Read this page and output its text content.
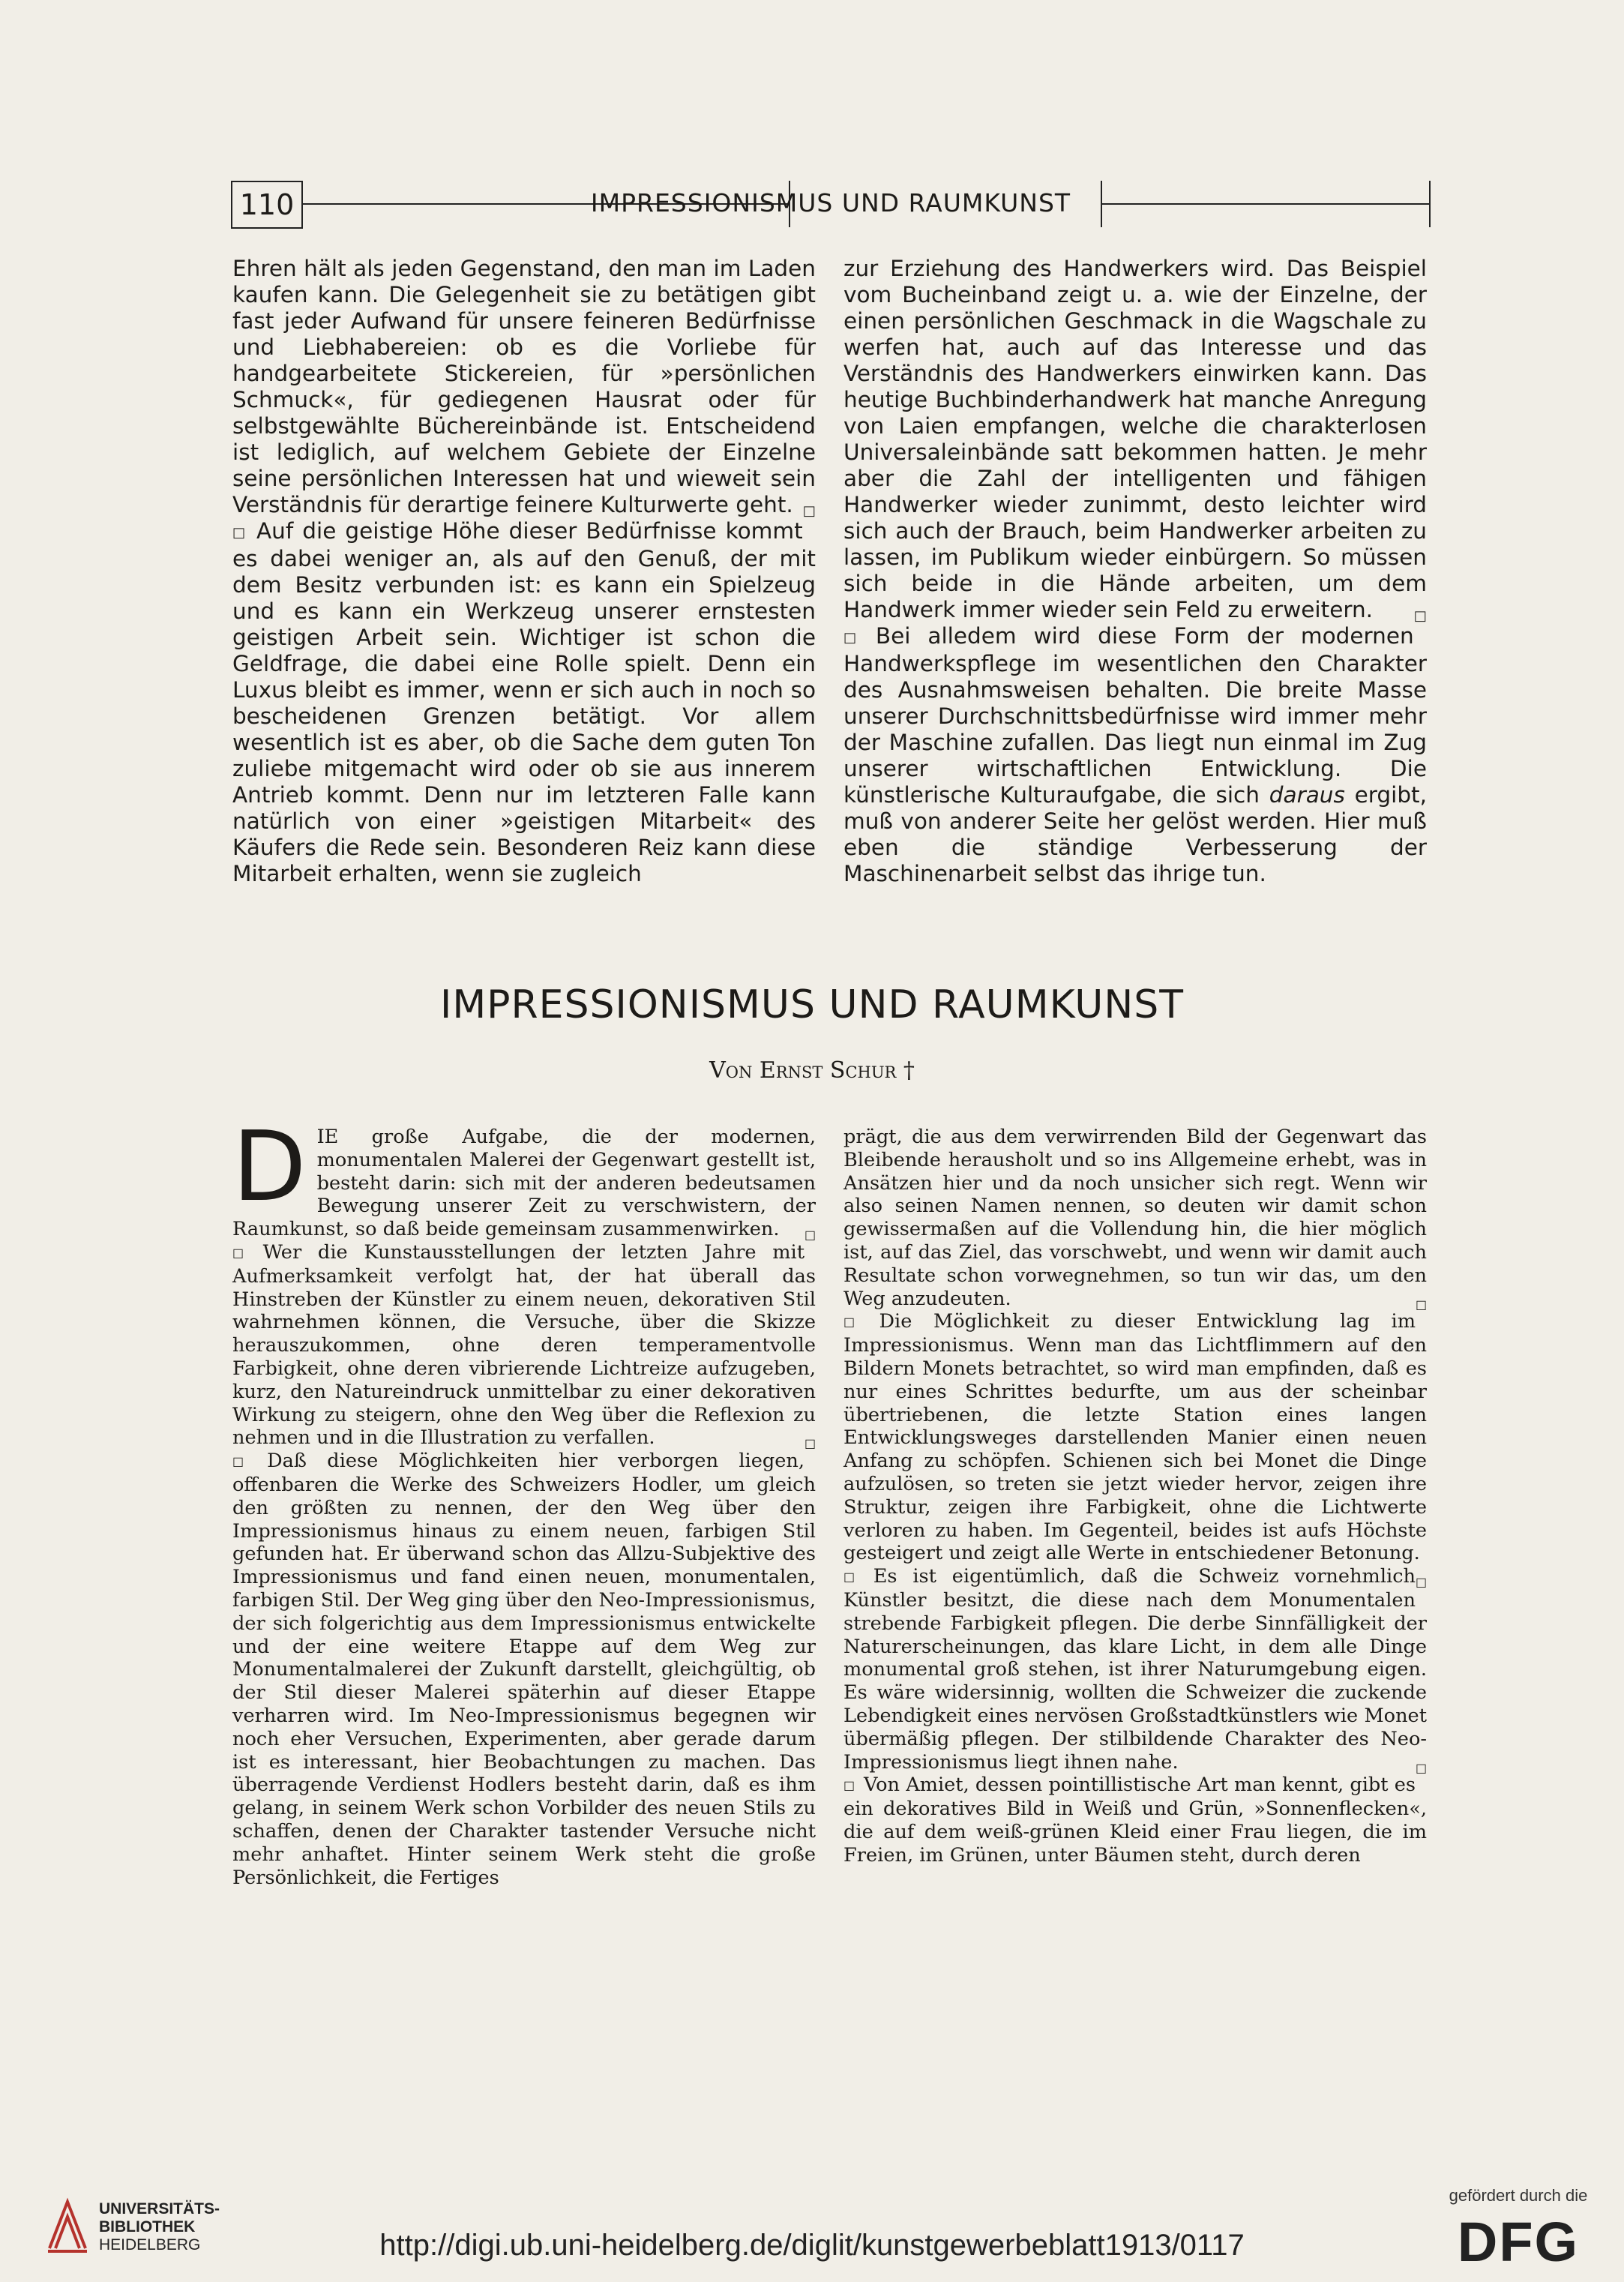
110	IMPRESSIONISMUS UND RAUMKUNST

Ehren hält als jeden Gegenstand, den man im Laden kaufen kann. Die Gelegenheit sie zu betätigen gibt fast jeder Aufwand für unsere feineren Bedürfnisse und Liebhabereien: ob es die Vorliebe für handgearbeitete Stickereien, für »persönlichen Schmuck«, für gediegenen Hausrat oder für selbstgewählte Büchereinbände ist. Entscheidend ist lediglich, auf welchem Gebiete der Einzelne seine persönlichen Interessen hat und wieweit sein Verständnis für derartige feinere Kulturwerte geht. □

□ Auf die geistige Höhe dieser Bedürfnisse kommt es dabei weniger an, als auf den Genuß, der mit dem Besitz verbunden ist: es kann ein Spielzeug und es kann ein Werkzeug unserer ernstesten geistigen Arbeit sein. Wichtiger ist schon die Geldfrage, die dabei eine Rolle spielt. Denn ein Luxus bleibt es immer, wenn er sich auch in noch so bescheidenen Grenzen betätigt. Vor allem wesentlich ist es aber, ob die Sache dem guten Ton zuliebe mitgemacht wird oder ob sie aus innerem Antrieb kommt. Denn nur im letzteren Falle kann natürlich von einer »geistigen Mitarbeit« des Käufers die Rede sein. Besonderen Reiz kann diese Mitarbeit erhalten, wenn sie zugleich

zur Erziehung des Handwerkers wird. Das Beispiel vom Bucheinband zeigt u. a. wie der Einzelne, der einen persönlichen Geschmack in die Wagschale zu werfen hat, auch auf das Interesse und das Verständnis des Handwerkers einwirken kann. Das heutige Buchbinderhandwerk hat manche Anregung von Laien empfangen, welche die charakterlosen Universaleinbände satt bekommen hatten. Je mehr aber die Zahl der intelligenten und fähigen Handwerker wieder zunimmt, desto leichter wird sich auch der Brauch, beim Handwerker arbeiten zu lassen, im Publikum wieder einbürgern. So müssen sich beide in die Hände arbeiten, um dem Handwerk immer wieder sein Feld zu erweitern.	□

□ Bei alledem wird diese Form der modernen Handwerkspflege im wesentlichen den Charakter des Ausnahmsweisen behalten. Die breite Masse unserer Durchschnittsbedürfnisse wird immer mehr der Maschine zufallen. Das liegt nun einmal im Zug unserer wirtschaftlichen Entwicklung. Die künstlerische Kulturaufgabe, die sich daraus ergibt, muß von anderer Seite her gelöst werden. Hier muß eben die ständige Verbesserung der Maschinenarbeit selbst das ihrige tun.

IMPRESSIONISMUS UND RAUMKUNST
Von Ernst Schur †

DIE große Aufgabe, die der modernen, monumentalen Malerei der Gegenwart gestellt ist, besteht darin: sich mit der anderen bedeutsamen Bewegung unserer Zeit zu verschwistern, der Raumkunst, so daß beide gemeinsam zusammenwirken. □

□ Wer die Kunstausstellungen der letzten Jahre mit Aufmerksamkeit verfolgt hat, der hat überall das Hinstreben der Künstler zu einem neuen, dekorativen Stil wahrnehmen können, die Versuche, über die Skizze herauszukommen, ohne deren temperamentvolle Farbigkeit, ohne deren vibrierende Lichtreize aufzugeben, kurz, den Natureindruck unmittelbar zu einer dekorativen Wirkung zu steigern, ohne den Weg über die Reflexion zu nehmen und in die Illustration zu verfallen.	□

□ Daß diese Möglichkeiten hier verborgen liegen, offenbaren die Werke des Schweizers Hodler, um gleich den größten zu nennen, der den Weg über den Impressionismus hinaus zu einem neuen, farbigen Stil gefunden hat. Er überwand schon das Allzu-Subjektive des Impressionismus und fand einen neuen, monumentalen, farbigen Stil. Der Weg ging über den Neo-Impressionismus, der sich folgerichtig aus dem Impressionismus entwickelte und der eine weitere Etappe auf dem Weg zur Monumentalmalerei der Zukunft darstellt, gleichgültig, ob der Stil dieser Malerei späterhin auf dieser Etappe verharren wird. Im Neo-Impressionismus begegnen wir noch eher Versuchen, Experimenten, aber gerade darum ist es interessant, hier Beobachtungen zu machen. Das überragende Verdienst Hodlers besteht darin, daß es ihm gelang, in seinem Werk schon Vorbilder des neuen Stils zu schaffen, denen der Charakter tastender Versuche nicht mehr anhaftet. Hinter seinem Werk steht die große Persönlichkeit, die Fertiges

prägt, die aus dem verwirrenden Bild der Gegenwart das Bleibende herausholt und so ins Allgemeine erhebt, was in Ansätzen hier und da noch unsicher sich regt. Wenn wir also seinen Namen nennen, so deuten wir damit schon gewissermaßen auf die Vollendung hin, die hier möglich ist, auf das Ziel, das vorschwebt, und wenn wir damit auch Resultate schon vorwegnehmen, so tun wir das, um den Weg anzudeuten.	□

□ Die Möglichkeit zu dieser Entwicklung lag im Impressionismus. Wenn man das Lichtflimmern auf den Bildern Monets betrachtet, so wird man empfinden, daß es nur eines Schrittes bedurfte, um aus der scheinbar übertriebenen, die letzte Station eines langen Entwicklungsweges darstellenden Manier einen neuen Anfang zu schöpfen. Schienen sich bei Monet die Dinge aufzulösen, so treten sie jetzt wieder hervor, zeigen ihre Struktur, zeigen ihre Farbigkeit, ohne die Lichtwerte verloren zu haben. Im Gegenteil, beides ist aufs Höchste gesteigert und zeigt alle Werte in entschiedener Betonung.
□

□ Es ist eigentümlich, daß die Schweiz vornehmlich Künstler besitzt, die diese nach dem Monumentalen strebende Farbigkeit pflegen. Die derbe Sinnfälligkeit der Naturerscheinungen, das klare Licht, in dem alle Dinge monumental groß stehen, ist ihrer Naturumgebung eigen. Es wäre widersinnig, wollten die Schweizer die zuckende Lebendigkeit eines nervösen Großstadtkünstlers wie Monet übermäßig pflegen. Der stilbildende Charakter des Neo-Impressionismus liegt ihnen nahe.	□

□ Von Amiet, dessen pointillistische Art man kennt, gibt es ein dekoratives Bild in Weiß und Grün, »Sonnenflecken«, die auf dem weiß-grünen Kleid einer Frau liegen, die im Freien, im Grünen, unter Bäumen steht, durch deren

UNIVERSITÄTS-
BIBLIOTHEK
HEIDELBERG	http://digi.ub.uni-heidelberg.de/diglit/kunstgewerbeblatt1913/0117
gefördert durch die
DFG
